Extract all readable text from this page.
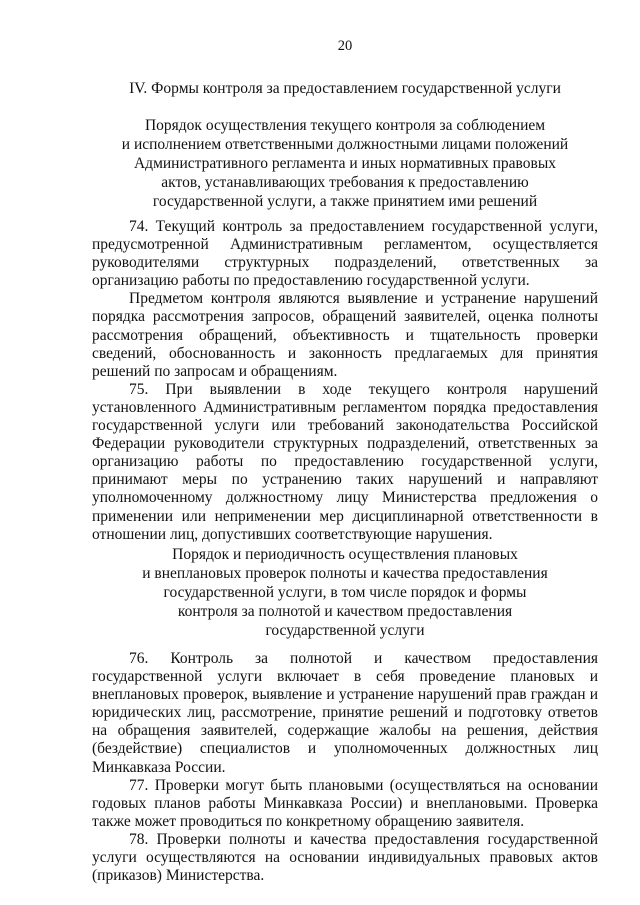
20
IV. Формы контроля за предоставлением государственной услуги
Порядок осуществления текущего контроля за соблюдением
и исполнением ответственными должностными лицами положений
Административного регламента и иных нормативных правовых
актов, устанавливающих требования к предоставлению
государственной услуги, а также принятием ими решений

74. Текущий контроль за предоставлением государственной услуги, предусмотренной Административным регламентом, осуществляется руководителями структурных подразделений, ответственных за организацию работы по предоставлению государственной услуги.

Предметом контроля являются выявление и устранение нарушений порядка рассмотрения запросов, обращений заявителей, оценка полноты рассмотрения обращений, объективность и тщательность проверки сведений, обоснованность и законность предлагаемых для принятия решений по запросам и обращениям.

75. При выявлении в ходе текущего контроля нарушений установленного Административным регламентом порядка предоставления государственной услуги или требований законодательства Российской Федерации руководители структурных подразделений, ответственных за организацию работы по предоставлению государственной услуги, принимают меры по устранению таких нарушений и направляют уполномоченному должностному лицу Министерства предложения о применении или неприменении мер дисциплинарной ответственности в отношении лиц, допустивших соответствующие нарушения.

Порядок и периодичность осуществления плановых
и внеплановых проверок полноты и качества предоставления
государственной услуги, в том числе порядок и формы
контроля за полнотой и качеством предоставления
государственной услуги

76. Контроль за полнотой и качеством предоставления государственной услуги включает в себя проведение плановых и внеплановых проверок, выявление и устранение нарушений прав граждан и юридических лиц, рассмотрение, принятие решений и подготовку ответов на обращения заявителей, содержащие жалобы на решения, действия (бездействие) специалистов и уполномоченных должностных лиц Минкавказа России.

77. Проверки могут быть плановыми (осуществляться на основании годовых планов работы Минкавказа России) и внеплановыми. Проверка также может проводиться по конкретному обращению заявителя.

78. Проверки полноты и качества предоставления государственной услуги осуществляются на основании индивидуальных правовых актов (приказов) Министерства.
